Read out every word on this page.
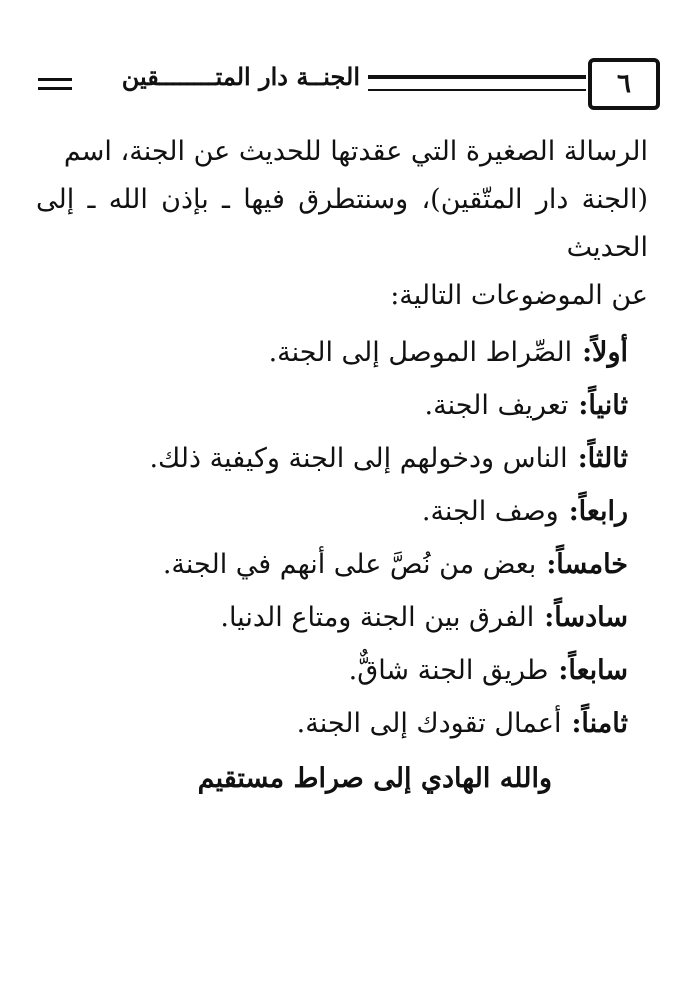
٦
الجنــة دار المتــــــــقين

الرسالة الصغيرة التي عقدتها للحديث عن الجنة، اسم
(الجنة دار المتّقين)، وسنتطرق فيها ـ بإذن الله ـ إلى الحديث
عن الموضوعات التالية:

أولاً:الصِّراط الموصل إلى الجنة.
ثانياً:تعريف الجنة.
ثالثاً:الناس ودخولهم إلى الجنة وكيفية ذلك.
رابعاً:وصف الجنة.
خامساً:بعض من نُصَّ على أنهم في الجنة.
سادساً:الفرق بين الجنة ومتاع الدنيا.
سابعاً:طريق الجنة شاقٌّ.
ثامناً:أعمال تقودك إلى الجنة.

والله الهادي إلى صراط مستقيم
